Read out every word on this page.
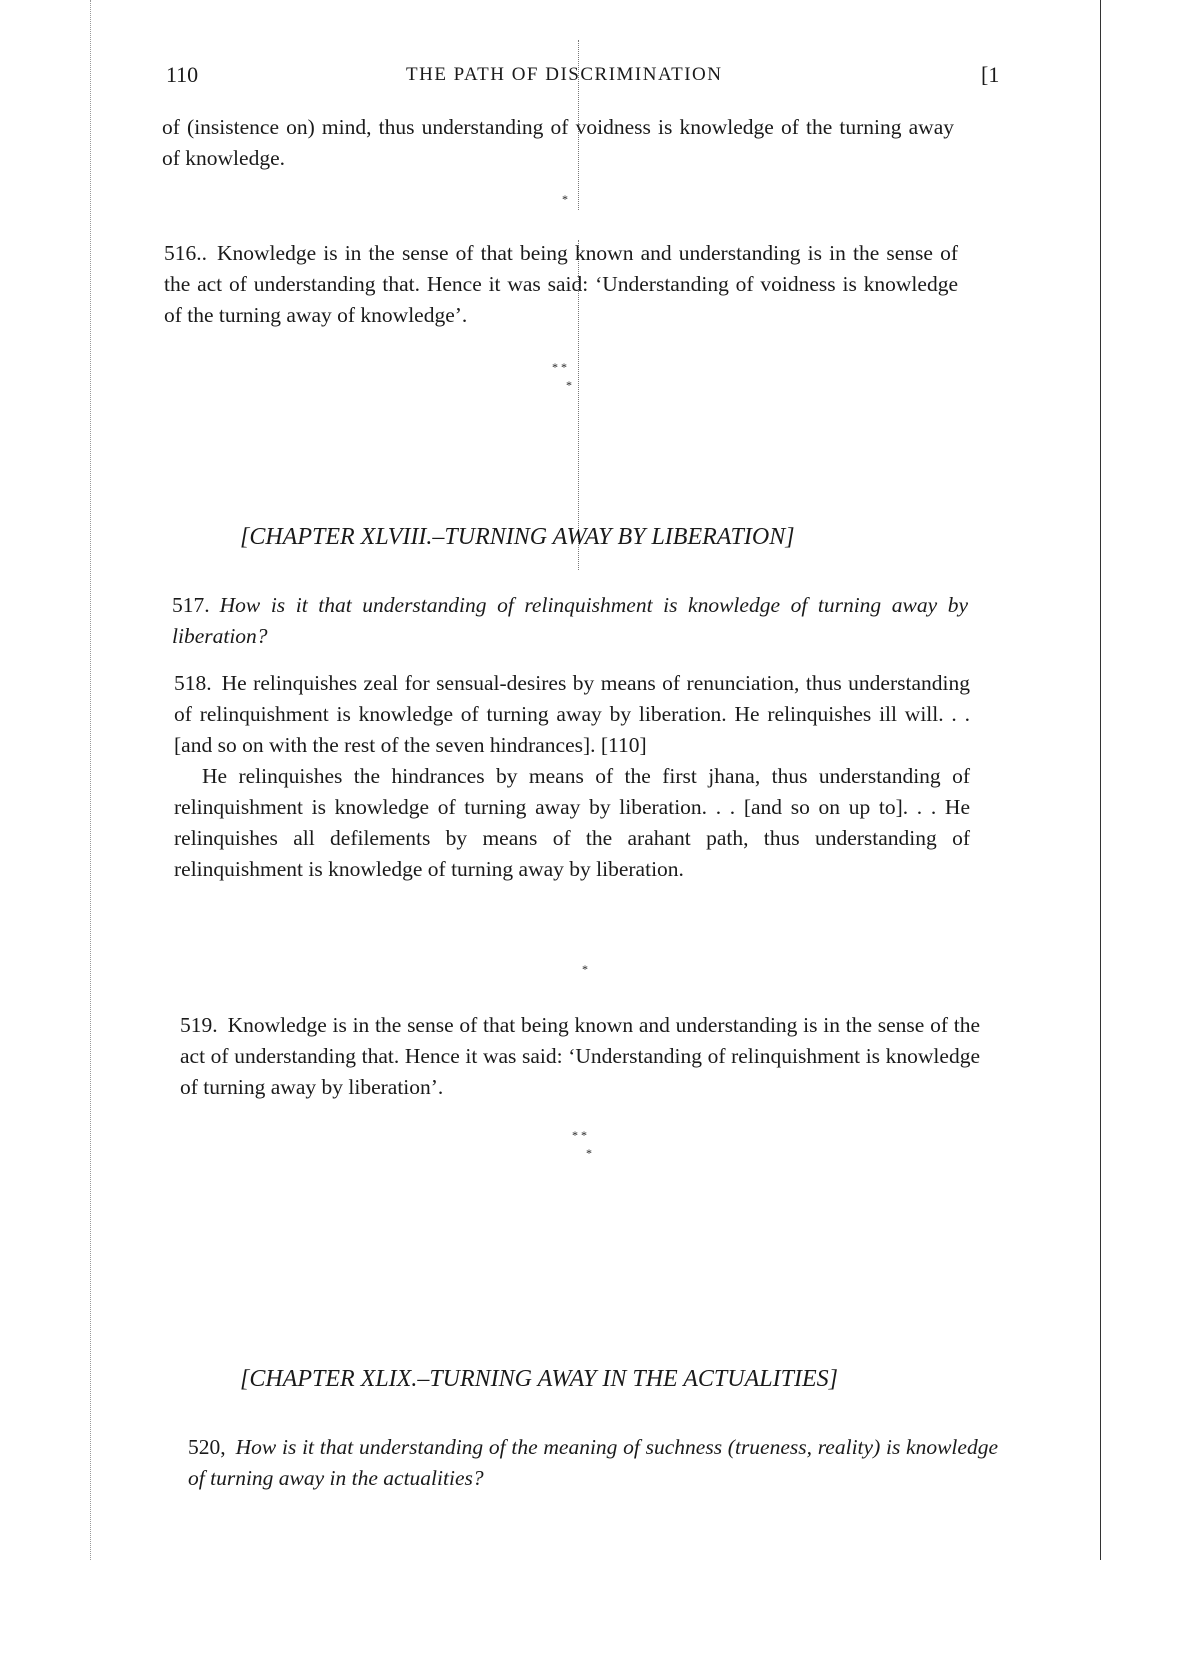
110	THE PATH OF DISCRIMINATION	[1
of (insistence on) mind, thus understanding of voidness is knowledge of the turning away of knowledge.
*
516.. Knowledge is in the sense of that being known and understanding is in the sense of the act of understanding that. Hence it was said: ‘Understanding of voidness is knowledge of the turning away of knowledge’.
* *
*
[CHAPTER XLVIII.–TURNING AWAY BY LIBERATION]
517. How is it that understanding of relinquishment is knowledge of turning away by liberation?
518. He relinquishes zeal for sensual-desires by means of renunciation, thus understanding of relinquishment is knowledge of turning away by liberation. He relinquishes ill will. . . [and so on with the rest of the seven hindrances]. [110]
He relinquishes the hindrances by means of the first jhana, thus understanding of relinquishment is knowledge of turning away by liberation. . . [and so on up to]. . . He relinquishes all defilements by means of the arahant path, thus understanding of relinquishment is knowledge of turning away by liberation.
*
519. Knowledge is in the sense of that being known and understanding is in the sense of the act of understanding that. Hence it was said: ‘Understanding of relinquishment is knowledge of turning away by liberation’.
* *
*
[CHAPTER XLIX.–TURNING AWAY IN THE ACTUALITIES]
520, How is it that understanding of the meaning of suchness (trueness, reality) is knowledge of turning away in the actualities?
